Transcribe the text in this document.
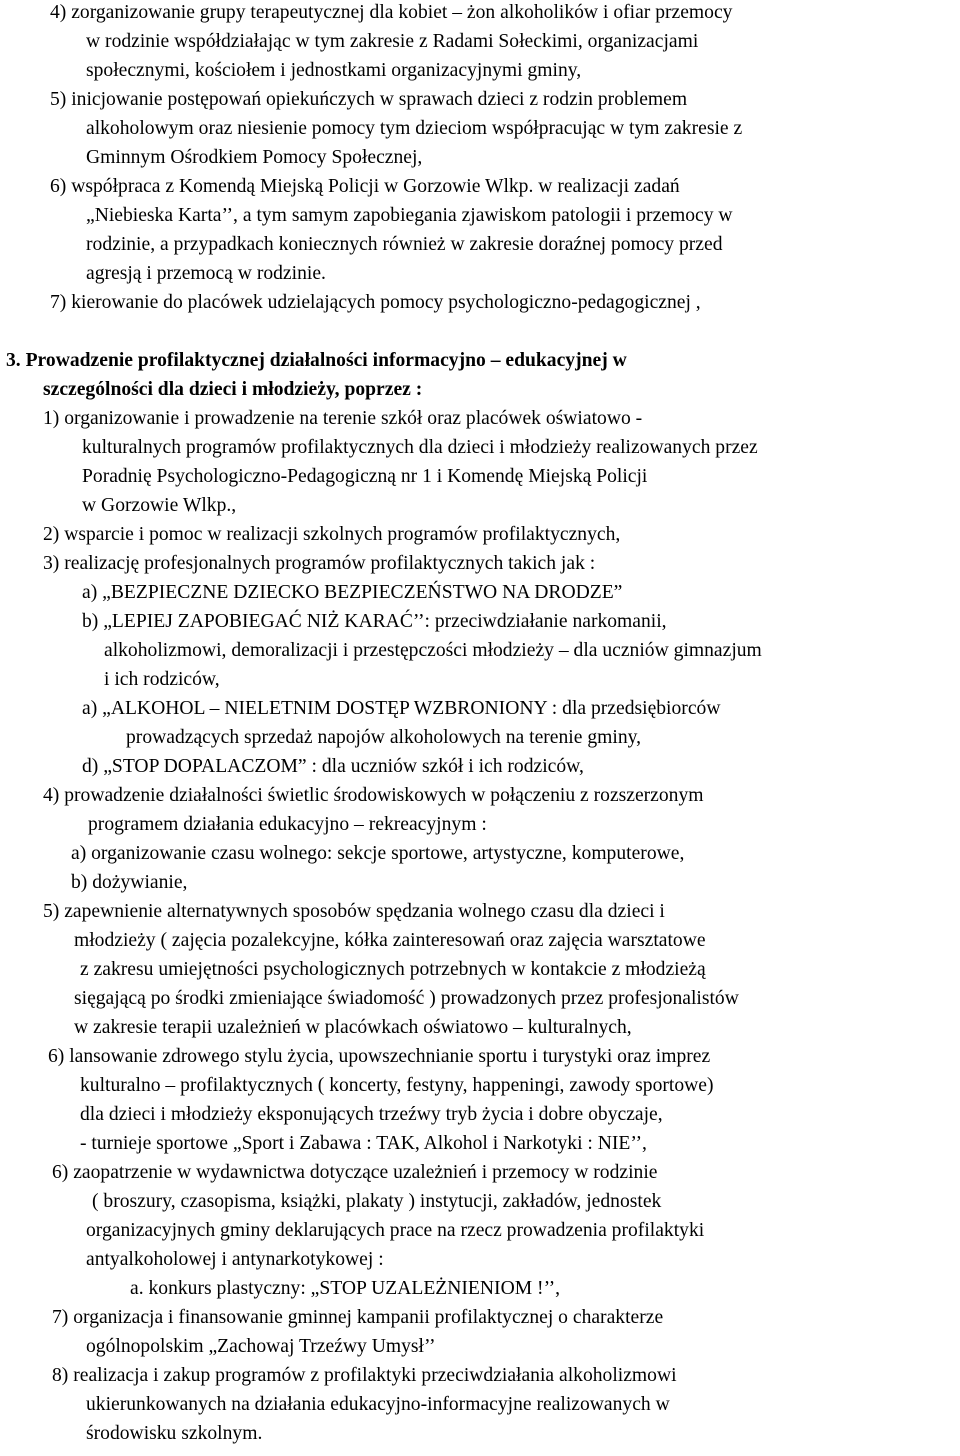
4) zorganizowanie grupy terapeutycznej dla kobiet – żon alkoholików i ofiar przemocy
w rodzinie współdziałając w tym zakresie z Radami Sołeckimi, organizacjami
społecznymi, kościołem i jednostkami organizacyjnymi gminy,
5) inicjowanie postępowań opiekuńczych w sprawach dzieci z rodzin problemem
alkoholowym oraz niesienie pomocy tym dzieciom współpracując w tym zakresie z
Gminnym Ośrodkiem Pomocy Społecznej,
6) współpraca z Komendą Miejską Policji w Gorzowie Wlkp. w realizacji zadań
„Niebieska Karta’’, a tym samym zapobiegania zjawiskom patologii i przemocy w
rodzinie, a przypadkach koniecznych również w zakresie doraźnej pomocy przed
agresją i przemocą w rodzinie.
7) kierowanie do placówek udzielających pomocy psychologiczno-pedagogicznej ,
3. Prowadzenie profilaktycznej działalności informacyjno – edukacyjnej w
szczególności dla dzieci i młodzieży, poprzez :
1) organizowanie i prowadzenie na terenie szkół oraz placówek oświatowo -
kulturalnych programów profilaktycznych dla dzieci i młodzieży realizowanych przez
Poradnię Psychologiczno-Pedagogiczną nr 1 i Komendę Miejską Policji
w Gorzowie Wlkp.,
2) wsparcie i pomoc w realizacji szkolnych programów profilaktycznych,
3) realizację profesjonalnych programów profilaktycznych takich jak :
a) „BEZPIECZNE DZIECKO BEZPIECZEŃSTWO NA DRODZE”
b) „LEPIEJ ZAPOBIEGAĆ NIŻ KARAĆ’’: przeciwdziałanie narkomanii,
alkoholizmowi, demoralizacji i przestępczości młodzieży – dla uczniów gimnazjum
i ich rodziców,
a) „ALKOHOL – NIELETNIM DOSTĘP WZBRONIONY : dla przedsiębiorców
prowadzących sprzedaż napojów alkoholowych na terenie gminy,
d) „STOP DOPALACZOM” : dla uczniów szkół i ich rodziców,
4) prowadzenie działalności świetlic środowiskowych w połączeniu z rozszerzonym
programem działania edukacyjno – rekreacyjnym :
a) organizowanie czasu wolnego: sekcje sportowe, artystyczne, komputerowe,
b) dożywianie,
5) zapewnienie alternatywnych sposobów spędzania wolnego czasu dla dzieci i
młodzieży ( zajęcia pozalekcyjne, kółka zainteresowań oraz zajęcia warsztatowe
z zakresu umiejętności psychologicznych potrzebnych w kontakcie z młodzieżą
sięgającą po środki zmieniające świadomość ) prowadzonych przez profesjonalistów
w zakresie terapii uzależnień w placówkach oświatowo – kulturalnych,
6) lansowanie zdrowego stylu życia, upowszechnianie sportu i turystyki oraz imprez
kulturalno – profilaktycznych ( koncerty, festyny, happeningi, zawody sportowe)
dla dzieci i młodzieży eksponujących trzeźwy tryb życia i dobre obyczaje,
- turnieje sportowe „Sport i Zabawa : TAK, Alkohol i Narkotyki : NIE’’,
6) zaopatrzenie w wydawnictwa dotyczące uzależnień i przemocy w rodzinie
( broszury, czasopisma, książki, plakaty ) instytucji, zakładów, jednostek
organizacyjnych gminy deklarujących prace na rzecz prowadzenia profilaktyki
antyalkoholowej i antynarkotykowej :
a. konkurs plastyczny: „STOP UZALEŻNIENIOM !’’,
7) organizacja i finansowanie gminnej kampanii profilaktycznej o charakterze
ogólnopolskim „Zachowaj Trzeźwy Umysł’’
8) realizacja i zakup programów z profilaktyki przeciwdziałania alkoholizmowi
ukierunkowanych na działania edukacyjno-informacyjne realizowanych w
środowisku szkolnym.
